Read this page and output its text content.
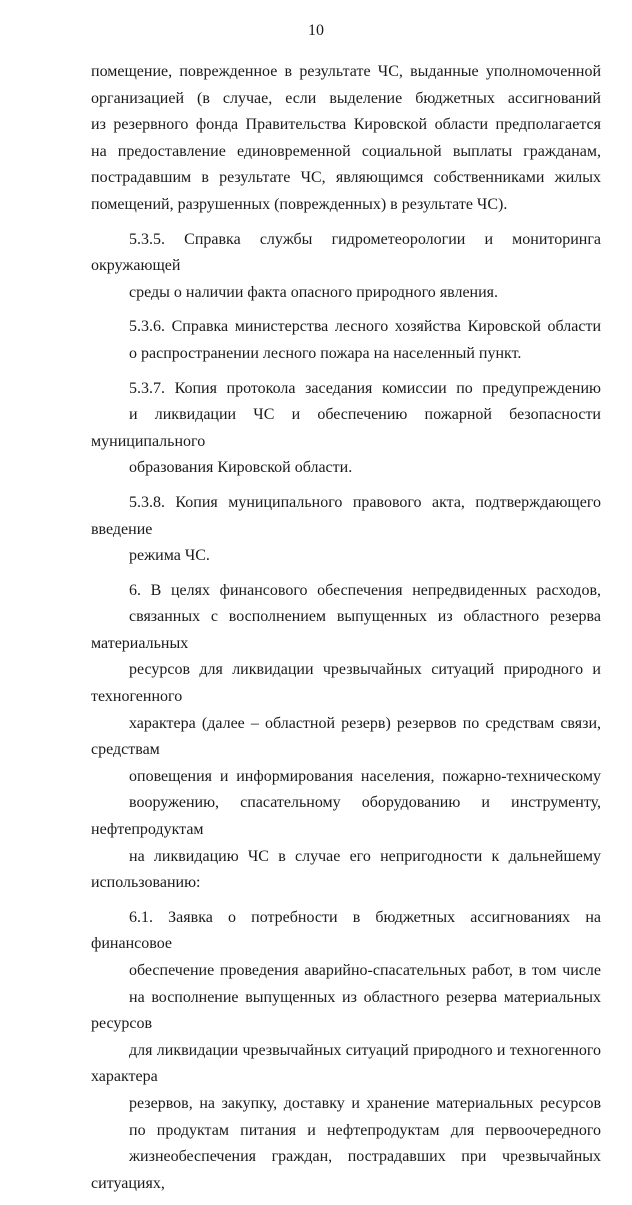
10

помещение, поврежденное в результате ЧС, выданные уполномоченной
организацией (в случае, если выделение бюджетных ассигнований
из резервного фонда Правительства Кировской области предполагается
на предоставление единовременной социальной выплаты гражданам,
пострадавшим в результате ЧС, являющимся собственниками жилых
помещений, разрушенных (поврежденных) в результате ЧС).

5.3.5. Справка службы гидрометеорологии и мониторинга окружающей
среды о наличии факта опасного природного явления.

5.3.6. Справка министерства лесного хозяйства Кировской области
о распространении лесного пожара на населенный пункт.

5.3.7. Копия протокола заседания комиссии по предупреждению
и ликвидации ЧС и обеспечению пожарной безопасности муниципального
образования Кировской области.

5.3.8. Копия муниципального правового акта, подтверждающего введение
режима ЧС.

6. В целях финансового обеспечения непредвиденных расходов,
связанных с восполнением выпущенных из областного резерва материальных
ресурсов для ликвидации чрезвычайных ситуаций природного и техногенного
характера (далее – областной резерв) резервов по средствам связи, средствам
оповещения и информирования населения, пожарно-техническому
вооружению, спасательному оборудованию и инструменту, нефтепродуктам
на ликвидацию ЧС в случае его непригодности к дальнейшему использованию:

6.1. Заявка о потребности в бюджетных ассигнованиях на финансовое
обеспечение проведения аварийно-спасательных работ, в том числе
на восполнение выпущенных из областного резерва материальных ресурсов
для ликвидации чрезвычайных ситуаций природного и техногенного характера
резервов, на закупку, доставку и хранение материальных ресурсов
по продуктам питания и нефтепродуктам для первоочередного
жизнеобеспечения граждан, пострадавших при чрезвычайных ситуациях,
